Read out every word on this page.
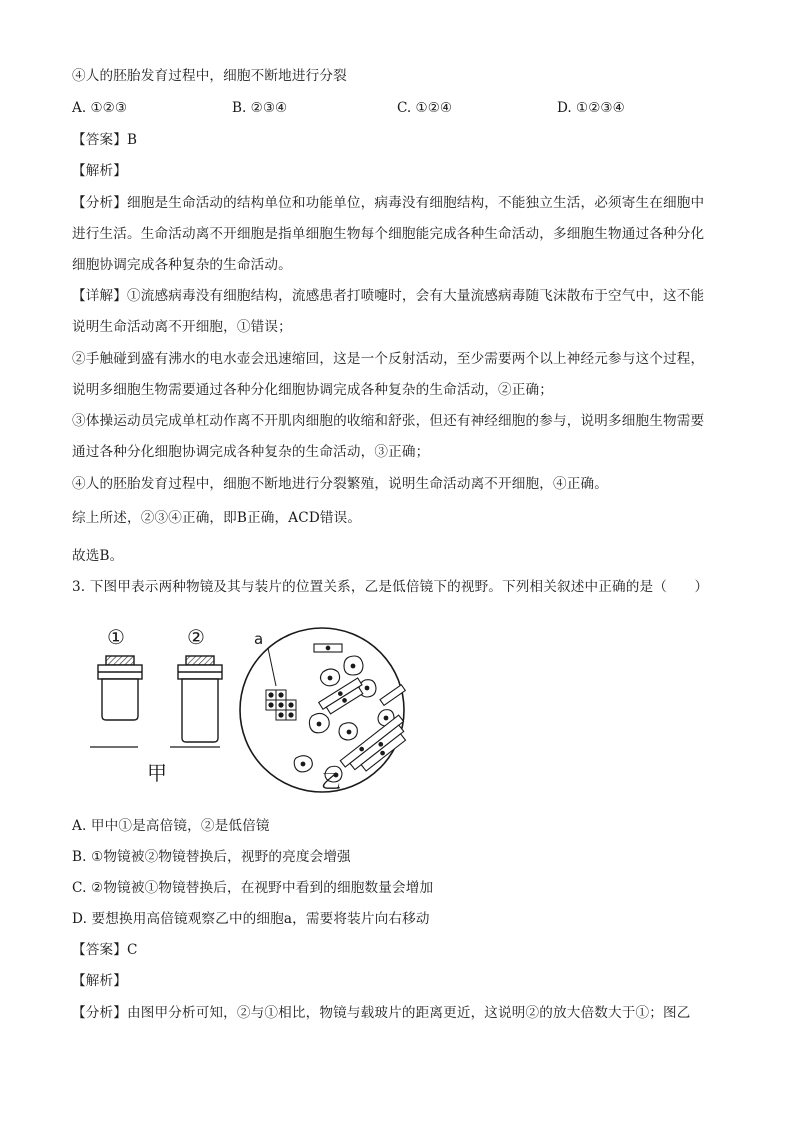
④人的胚胎发育过程中，细胞不断地进行分裂
A. ①②③	B. ②③④	C. ①②④	D. ①②③④
【答案】B
【解析】
【分析】细胞是生命活动的结构单位和功能单位，病毒没有细胞结构，不能独立生活，必须寄生在细胞中
进行生活。生命活动离不开细胞是指单细胞生物每个细胞能完成各种生命活动，多细胞生物通过各种分化
细胞协调完成各种复杂的生命活动。
【详解】①流感病毒没有细胞结构，流感患者打喷嚏时，会有大量流感病毒随飞沫散布于空气中，这不能
说明生命活动离不开细胞，①错误；
②手触碰到盛有沸水的电水壶会迅速缩回，这是一个反射活动，至少需要两个以上神经元参与这个过程，
说明多细胞生物需要通过各种分化细胞协调完成各种复杂的生命活动，②正确；
③体操运动员完成单杠动作离不开肌肉细胞的收缩和舒张，但还有神经细胞的参与，说明多细胞生物需要
通过各种分化细胞协调完成各种复杂的生命活动，③正确；
④人的胚胎发育过程中，细胞不断地进行分裂繁殖，说明生命活动离不开细胞，④正确。
综上所述，②③④正确，即B正确，ACD错误。
故选B。
3. 下图甲表示两种物镜及其与装片的位置关系，乙是低倍镜下的视野。下列相关叙述中正确的是（　　）
①	②	a
甲	乙
A. 甲中①是高倍镜，②是低倍镜
B. ①物镜被②物镜替换后，视野的亮度会增强
C. ②物镜被①物镜替换后，在视野中看到的细胞数量会增加
D. 要想换用高倍镜观察乙中的细胞a，需要将装片向右移动
【答案】C
【解析】
【分析】由图甲分析可知，②与①相比，物镜与载玻片的距离更近，这说明②的放大倍数大于①；图乙
